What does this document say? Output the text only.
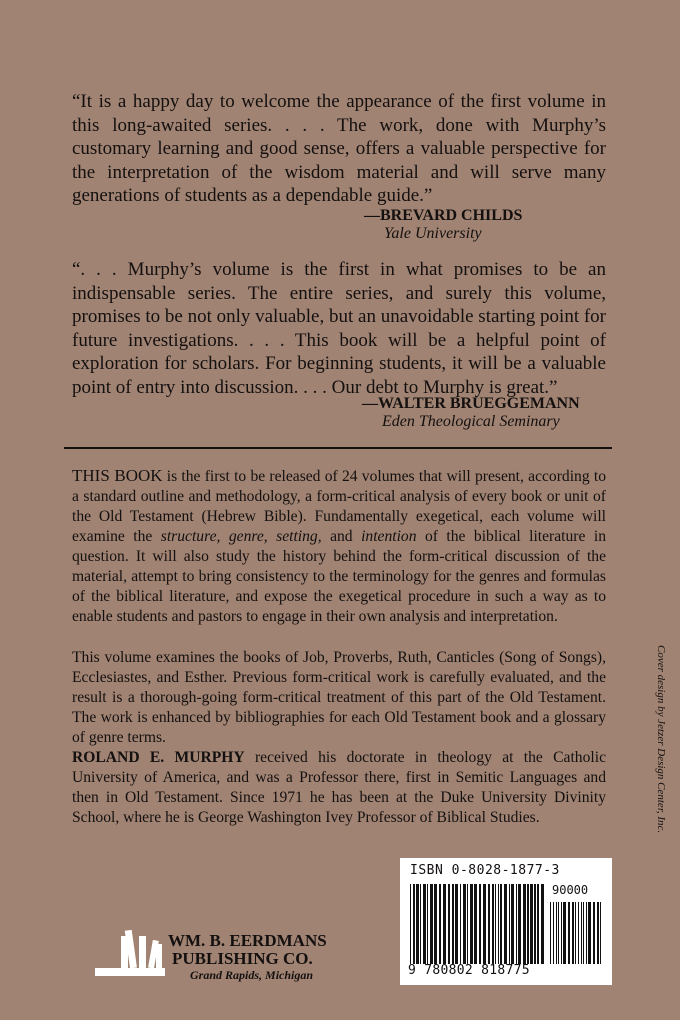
“It is a happy day to welcome the appearance of the first volume in this long-awaited series. . . . The work, done with Murphy’s customary learning and good sense, offers a valuable perspective for the interpretation of the wisdom material and will serve many generations of students as a dependable guide.”

—BREVARD CHILDS
Yale University

“. . . Murphy’s volume is the first in what promises to be an indispensable series. The entire series, and surely this volume, promises to be not only valuable, but an unavoidable starting point for future investigations. . . . This book will be a helpful point of exploration for scholars. For beginning students, it will be a valuable point of entry into discussion. . . . Our debt to Murphy is great.”

—WALTER BRUEGGEMANN
Eden Theological Seminary

THIS BOOK is the first to be released of 24 volumes that will present, according to a standard outline and methodology, a form-critical analysis of every book or unit of the Old Testament (Hebrew Bible). Fundamentally exegetical, each volume will examine the structure, genre, setting, and intention of the biblical literature in question. It will also study the history behind the form-critical discussion of the material, attempt to bring consistency to the terminology for the genres and formulas of the biblical literature, and expose the exegetical procedure in such a way as to enable students and pastors to engage in their own analysis and interpretation.

This volume examines the books of Job, Proverbs, Ruth, Canticles (Song of Songs), Ecclesiastes, and Esther. Previous form-critical work is carefully evaluated, and the result is a thorough-going form-critical treatment of this part of the Old Testament. The work is enhanced by bibliographies for each Old Testament book and a glossary of genre terms.

ROLAND E. MURPHY received his doctorate in theology at the Catholic University of America, and was a Professor there, first in Semitic Languages and then in Old Testament. Since 1971 he has been at the Duke University Divinity School, where he is George Washington Ivey Professor of Biblical Studies.	Cover design by Jetzer Design Center, Inc.
ISBN 0-8028-1877-3
90000
9 780802 818775
WM. B. EERDMANS
PUBLISHING CO.
Grand Rapids, Michigan
